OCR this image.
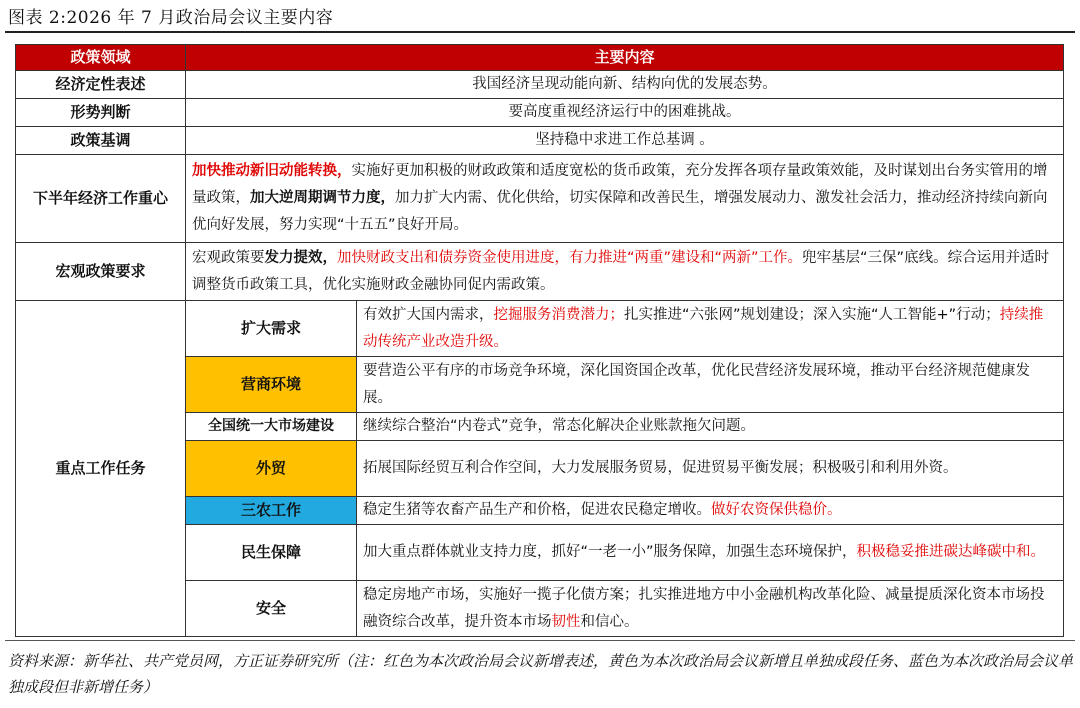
图表 2:2026 年 7 月政治局会议主要内容
政策领域	主要内容	
经济定性表述	我国经济呈现动能向新、结构向优的发展态势。	
形势判断	要高度重视经济运行中的困难挑战。	
政策基调	坚持稳中求进工作总基调 。	
下半年经济工作重心	加快推动新旧动能转换，实施好更加积极的财政政策和适度宽松的货币政策，充分发挥各项存量政策效能，及时谋划出台务实管用的增量政策，加大逆周期调节力度，加力扩大内需、优化供给，切实保障和改善民生，增强发展动力、激发社会活力，推动经济持续向新向优向好发展，努力实现“十五五”良好开局。	
宏观政策要求	宏观政策要发力提效，加快财政支出和债券资金使用进度，有力推进“两重”建设和“两新”工作。兜牢基层“三保”底线。综合运用并适时调整货币政策工具，优化实施财政金融协同促内需政策。	
重点工作任务	扩大需求	有效扩大国内需求，挖掘服务消费潜力；扎实推进“六张网”规划建设；深入实施“人工智能+”行动；持续推动传统产业改造升级。
	营商环境	要营造公平有序的市场竞争环境，深化国资国企改革，优化民营经济发展环境，推动平台经济规范健康发展。
	全国统一大市场建设	继续综合整治“内卷式”竞争，常态化解决企业账款拖欠问题。
	外贸	拓展国际经贸互利合作空间，大力发展服务贸易，促进贸易平衡发展；积极吸引和利用外资。
	三农工作	稳定生猪等农畜产品生产和价格，促进农民稳定增收。做好农资保供稳价。
	民生保障	加大重点群体就业支持力度，抓好“一老一小”服务保障，加强生态环境保护，积极稳妥推进碳达峰碳中和。
	安全	稳定房地产市场，实施好一揽子化债方案；扎实推进地方中小金融机构改革化险、减量提质深化资本市场投融资综合改革，提升资本市场韧性和信心。
资料来源：新华社、共产党员网，方正证券研究所（注：红色为本次政治局会议新增表述，黄色为本次政治局会议新增且单独成段任务、蓝色为本次政治局会议单独成段但非新增任务）
